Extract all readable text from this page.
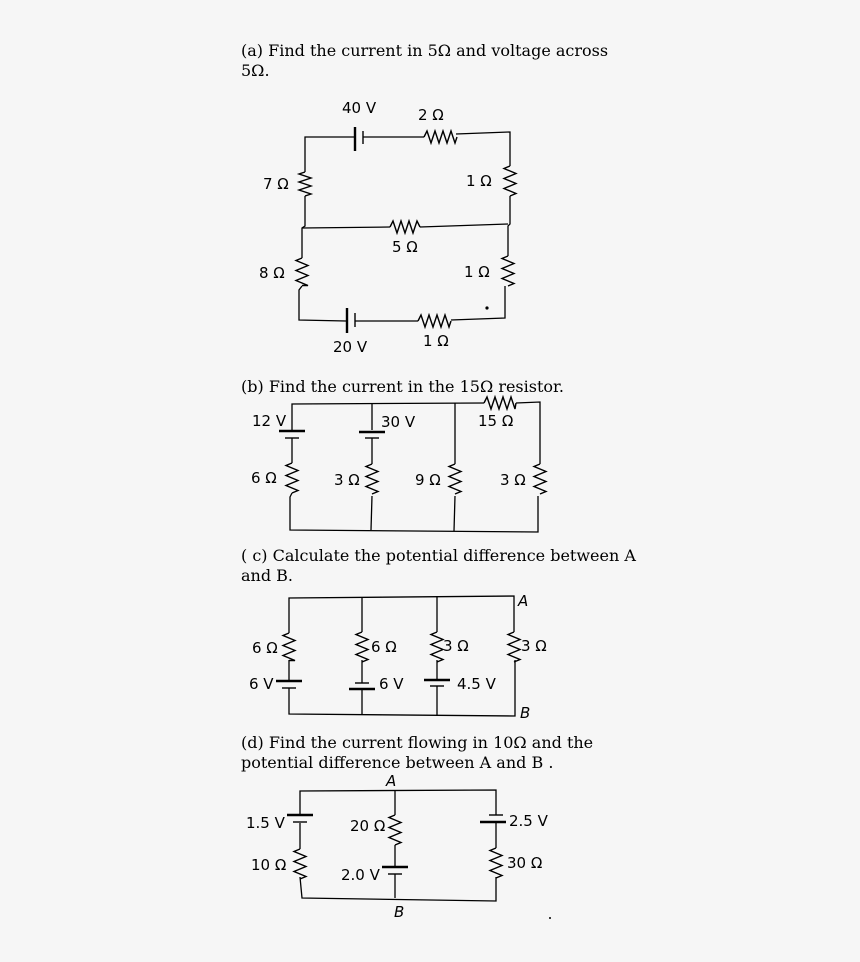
(a) Find the current in 5Ω and voltage across 5Ω.
(b) Find the current in the 15Ω resistor.
( c) Calculate the potential difference between A and B.
(d) Find the current flowing in 10Ω and the potential difference between A and B .
40 V	2 Ω
7 Ω	1 Ω
5 Ω
8 Ω	1 Ω
20 V	1 Ω
12 V	30 V	15 Ω
6 Ω	3 Ω	9 Ω	3 Ω
A
B
6 Ω	6 Ω	3 Ω	3 Ω
6 V	6 V	4.5 V
A
B
1.5 V
10 Ω
20 Ω
2.0 V
2.5 V
30 Ω
